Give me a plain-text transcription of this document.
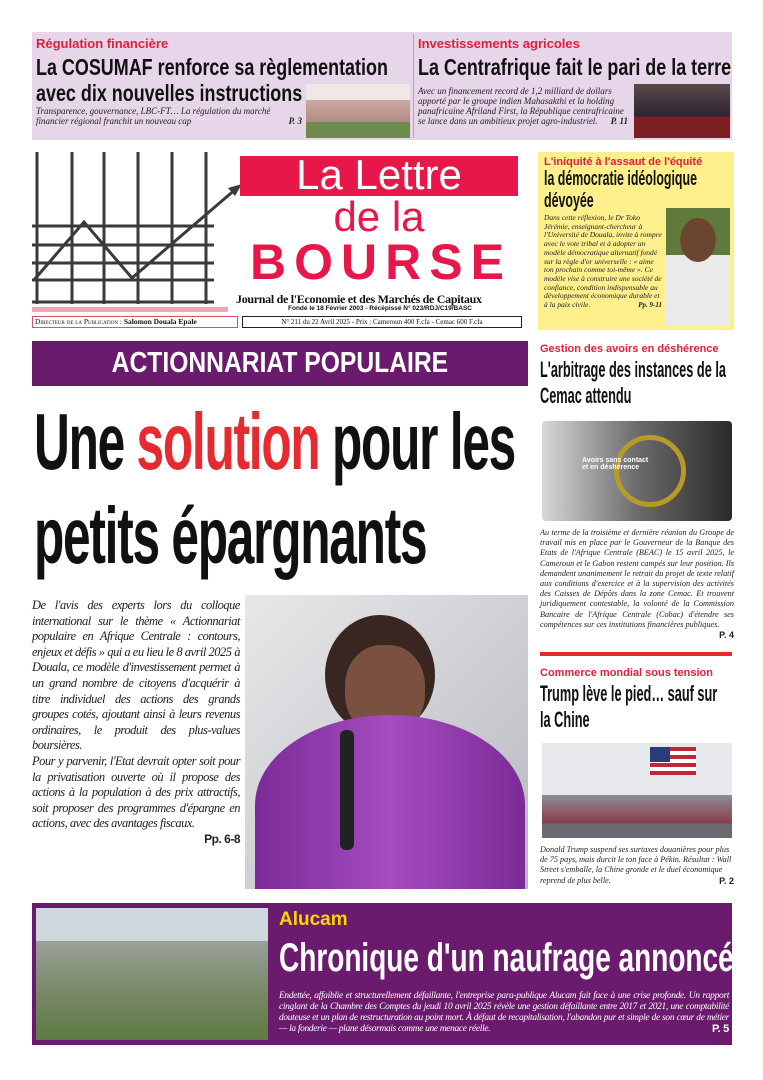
Régulation financière
La COSUMAF renforce sa règlementation
avec dix nouvelles instructions
Transparence, gouvernance, LBC-FT… La régulation du marché financier régional franchit un nouveau cap	P. 3
Investissements agricoles
La Centrafrique fait le pari de la terre
Avec un financement record de 1,2 milliard de dollars apporté par le groupe indien Mahasakthi et la holding panafricaine Afriland First, la République centrafricaine se lance dans un ambitieux projet agro-industriel. P. 11
Directeur de la Publication : Salomon Douala Epale
La Lettre
de la
BOURSE
Journal de l'Economie et des Marchés de Capitaux
Fondé le 18 Février 2003 - Récépissé N° 023/RDJ/C19/BASC
N° 211 du 22 Avril 2025 - Prix : Cameroun 400 F.cfa - Cemac 600 F.cfa
L'iniquité à l'assaut de l'équité
la démocratie idéologique dévoyée
Dans cette réflexion, le Dr Toko Jérémie, enseignant-chercheur à l'Université de Douala, invite à rompre avec le vote tribal et à adopter un modèle démocratique alternatif fondé sur la règle d'or universelle : « aime ton prochain comme toi-même ». Ce modèle vise à construire une société de confiance, condition indispensable au développement économique durable et à la paix civile.	Pp. 9-11
ACTIONNARIAT POPULAIRE
Une solution pour les
petits épargnants

De l'avis des experts lors du colloque international sur le thème « Actionnariat populaire en Afrique Centrale : contours, enjeux et défis » qui a eu lieu le 8 avril 2025 à Douala, ce modèle d'investissement permet à un grand nombre de citoyens d'acquérir à titre individuel des actions des grands groupes cotés, ajoutant ainsi à leurs revenus ordinaires, le produit des plus-values boursières.

Pour y parvenir, l'Etat devrait opter soit pour la privatisation ouverte où il propose des actions à la population à des prix attractifs, soit proposer des programmes d'épargne en actions, avec des avantages fiscaux.

Pp. 6-8
Gestion des avoirs en déshérence
L'arbitrage des instances de la Cemac attendu
Avoirs sans contact et en déshérence
Au terme de la troisième et dernière réunion du Groupe de travail mis en place par le Gouverneur de la Banque des Etats de l'Afrique Centrale (BEAC) le 15 avril 2025, le Cameroun et le Gabon restent campés sur leur position. Ils demandent unanimement le retrait du projet de texte relatif aux conditions d'exercice et à la supervision des activités des Caisses de Dépôts dans la zone Cemac. Et trouvent juridiquement contestable, la volonté de la Commission Bancaire de l'Afrique Centrale (Cobac) d'étendre ses compétences sur ces institutions financières publiques.
P. 4
Commerce mondial sous tension
Trump lève le pied… sauf sur la Chine
Donald Trump suspend ses surtaxes douanières pour plus de 75 pays, mais durcit le ton face à Pékin. Résultat : Wall Street s'emballe, la Chine gronde et le duel économique reprend de plus belle.	P. 2
Alucam
Chronique d'un naufrage annoncé
Endettée, affaiblie et structurellement défaillante, l'entreprise para-publique Alucam fait face à une crise profonde. Un rapport cinglant de la Chambre des Comptes du jeudi 10 avril 2025 révèle une gestion défaillante entre 2017 et 2021, une comptabilité douteuse et un plan de restructuration au point mort. À défaut de recapitalisation, l'abandon pur et simple de son cœur de métier — la fonderie — plane désormais comme une menace réelle.	P. 5
